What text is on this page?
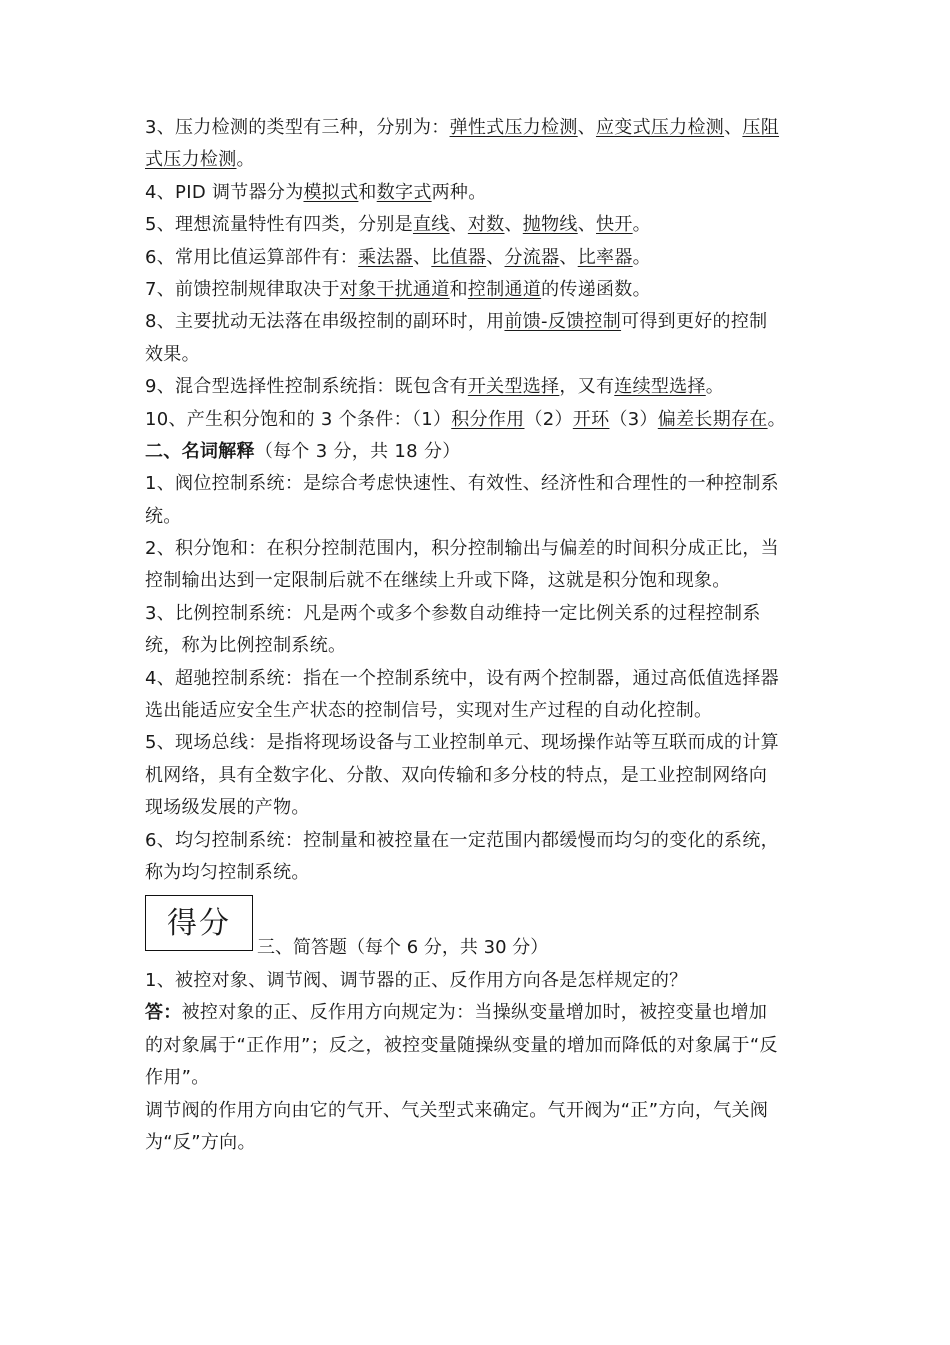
3、压力检测的类型有三种，分别为：弹性式压力检测、应变式压力检测、压阻
式压力检测。
4、PID 调节器分为模拟式和数字式两种。
5、理想流量特性有四类，分别是直线、对数、抛物线、快开。
6、常用比值运算部件有：乘法器、比值器、分流器、比率器。
7、前馈控制规律取决于对象干扰通道和控制通道的传递函数。
8、主要扰动无法落在串级控制的副环时，用前馈-反馈控制可得到更好的控制
效果。
9、混合型选择性控制系统指：既包含有开关型选择，又有连续型选择。
10、产生积分饱和的 3 个条件：（1）积分作用（2）开环（3）偏差长期存在。
二、名词解释（每个 3 分，共 18 分）
1、阀位控制系统：是综合考虑快速性、有效性、经济性和合理性的一种控制系
统。
2、积分饱和：在积分控制范围内，积分控制输出与偏差的时间积分成正比，当
控制输出达到一定限制后就不在继续上升或下降，这就是积分饱和现象。
3、比例控制系统：凡是两个或多个参数自动维持一定比例关系的过程控制系
统，称为比例控制系统。
4、超驰控制系统：指在一个控制系统中，设有两个控制器，通过高低值选择器
选出能适应安全生产状态的控制信号，实现对生产过程的自动化控制。
5、现场总线：是指将现场设备与工业控制单元、现场操作站等互联而成的计算
机网络，具有全数字化、分散、双向传输和多分枝的特点，是工业控制网络向
现场级发展的产物。
6、均匀控制系统：控制量和被控量在一定范围内都缓慢而均匀的变化的系统，
称为均匀控制系统。
得分
三、简答题（每个 6 分，共 30 分）
1、被控对象、调节阀、调节器的正、反作用方向各是怎样规定的？
答：被控对象的正、反作用方向规定为：当操纵变量增加时，被控变量也增加
的对象属于“正作用”；反之，被控变量随操纵变量的增加而降低的对象属于“反
作用”。
调节阀的作用方向由它的气开、气关型式来确定。气开阀为“正”方向，气关阀
为“反”方向。
